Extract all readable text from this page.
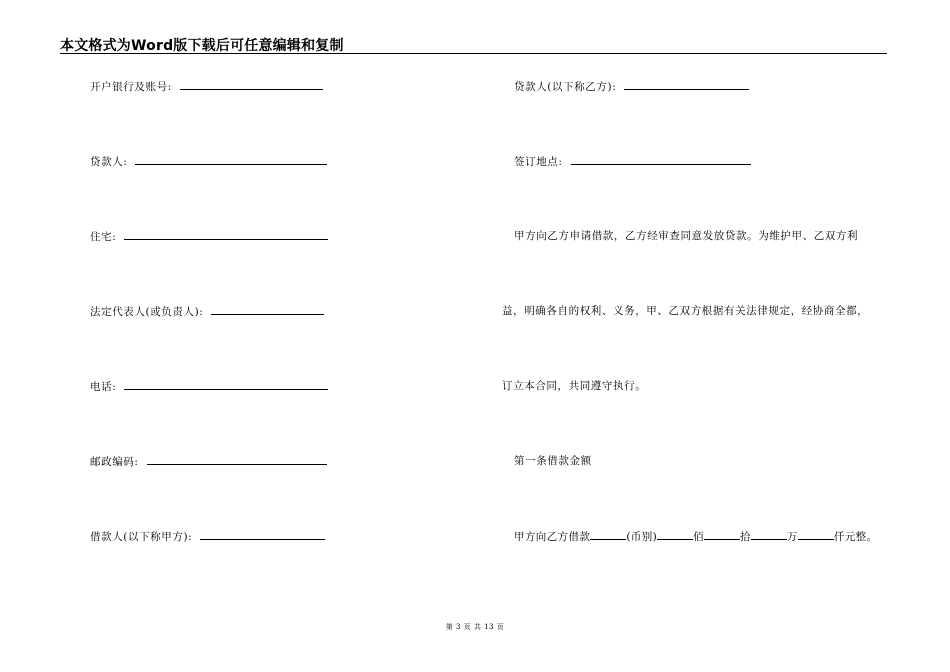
本文格式为Word版下载后可任意编辑和复制
开户银行及账号:
贷款人:
住宅:
法定代表人(或负责人):
电话:
邮政编码:
借款人(以下称甲方):
贷款人(以下称乙方):
签订地点:
甲方向乙方申请借款，乙方经审查同意发放贷款。为维护甲、乙双方利
益，明确各自的权利、义务，甲、乙双方根据有关法律规定，经协商全都，
订立本合同，共同遵守执行。
第一条借款金额
甲方向乙方借款	(币别)	佰	拾	万	仟元整。
第 3 页 共 13 页
